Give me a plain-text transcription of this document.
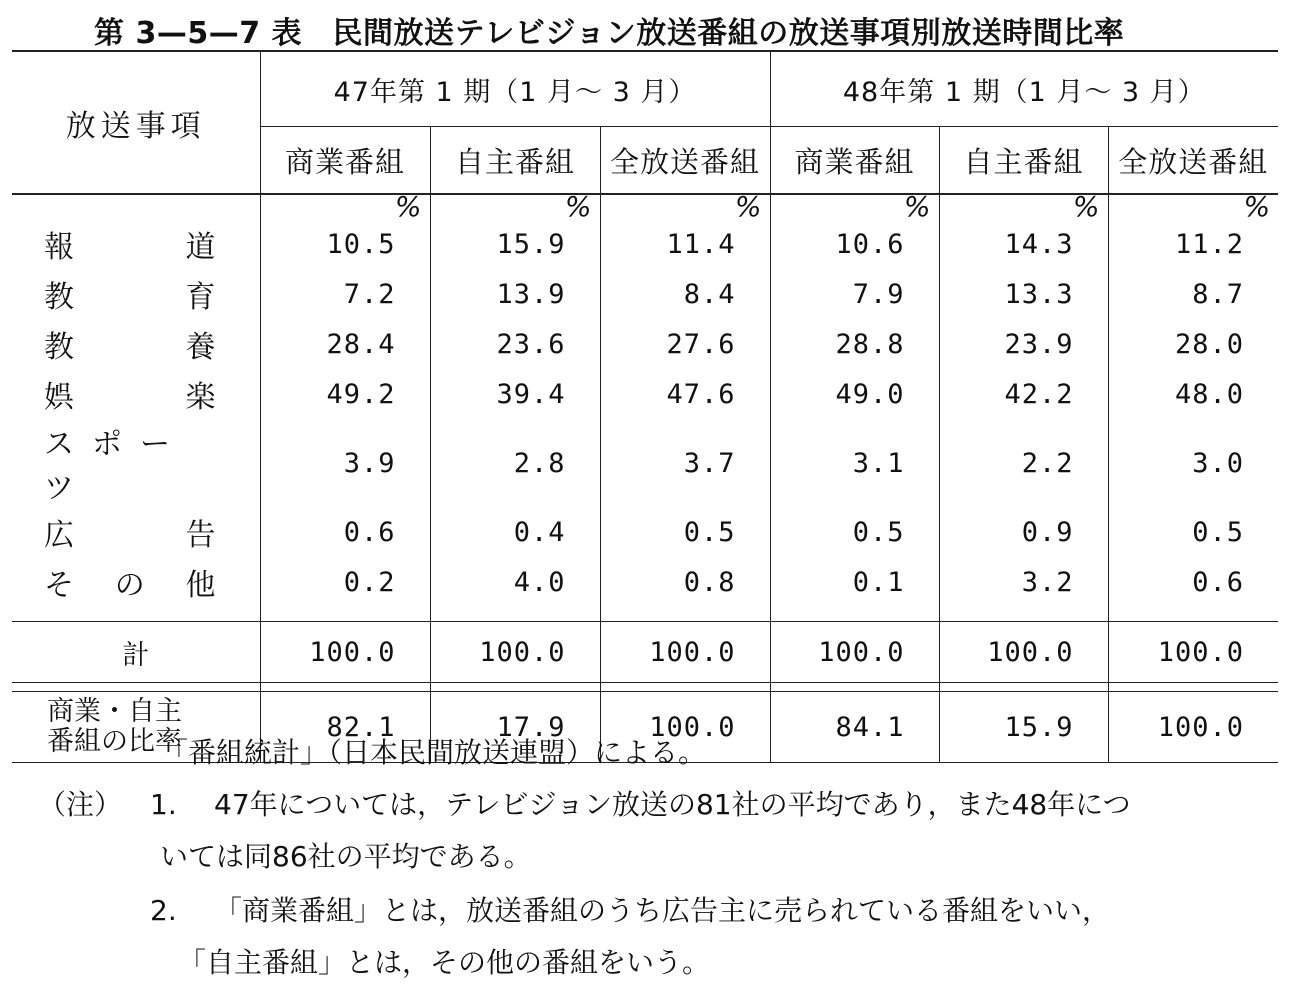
第 3—5—7 表　民間放送テレビジョン放送番組の放送事項別放送時間比率
放送事項	47年第 1 期（1 月～ 3 月）			48年第 1 期（1 月～ 3 月）		
	商業番組	自主番組	全放送番組	商業番組	自主番組	全放送番組

	%	%	%	%	%	%

報 道	10.5	15.9	11.4	10.6	14.3	11.2

教 育	7.2	13.9	8.4	7.9	13.3	8.7

教 養	28.4	23.6	27.6	28.8	23.9	28.0

娯 楽	49.2	39.4	47.6	49.0	42.2	48.0

スポーツ	3.9	2.8	3.7	3.1	2.2	3.0

広 告	0.6	0.4	0.5	0.5	0.9	0.5

そ の 他	0.2	4.0	0.8	0.1	3.2	0.6

計	100.0	100.0	100.0	100.0	100.0	100.0

商業・自主
番組の比率	82.1	17.9	100.0	84.1	15.9	100.0
「番組統計」（日本民間放送連盟）による。
（注） 1. 47年については，テレビジョン放送の81社の平均であり，また48年につ
いては同86社の平均である。
2. 「商業番組」とは，放送番組のうち広告主に売られている番組をいい，
「自主番組」とは，その他の番組をいう。
